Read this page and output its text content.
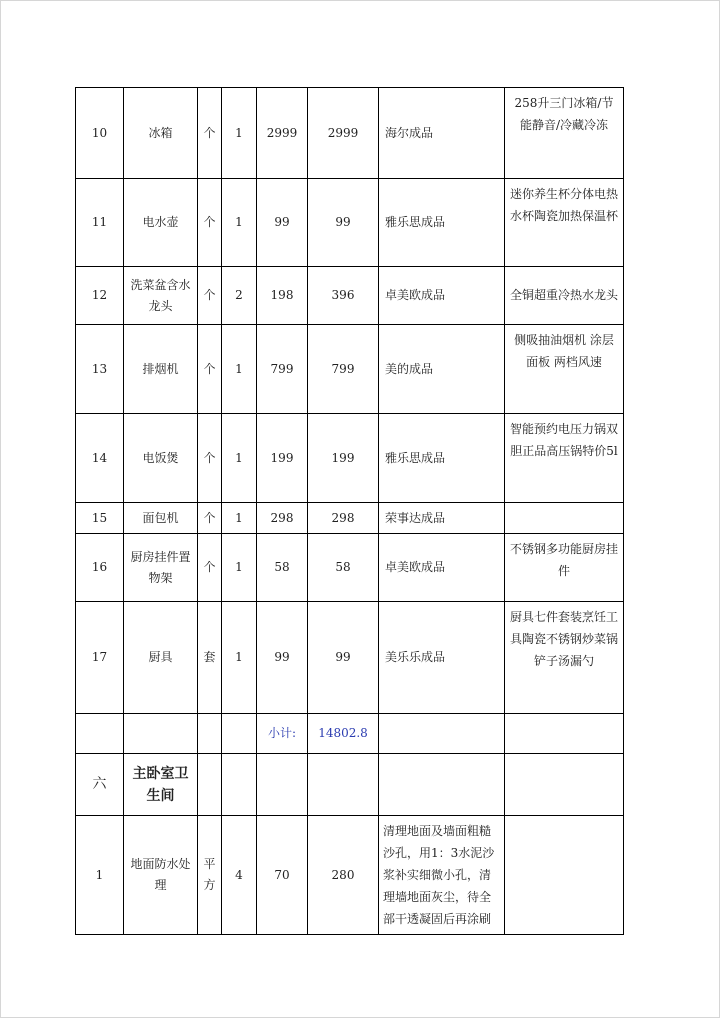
10	冰箱	个	1	2999	2999	海尔成品	258升三门冰箱/节能静音/冷藏冷冻
11	电水壶	个	1	99	99	雅乐思成品	迷你养生杯分体电热水杯陶瓷加热保温杯
12	洗菜盆含水龙头	个	2	198	396	卓美欧成品	全铜超重冷热水龙头
13	排烟机	个	1	799	799	美的成品	侧吸抽油烟机 涂层面板 两档风速
14	电饭煲	个	1	199	199	雅乐思成品	智能预约电压力锅双胆正品高压锅特价5l
15	面包机	个	1	298	298	荣事达成品	
16	厨房挂件置物架	个	1	58	58	卓美欧成品	不锈钢多功能厨房挂件
17	厨具	套	1	99	99	美乐乐成品	厨具七件套装烹饪工具陶瓷不锈钢炒菜锅铲子汤漏勺
				小计:	14802.8		
六	主卧室卫生间						
1	地面防水处理	平方	4	70	280	清理地面及墙面粗糙沙孔，用1：3水泥沙浆补实细微小孔，清理墙地面灰尘，待全部干透凝固后再涂刷	
